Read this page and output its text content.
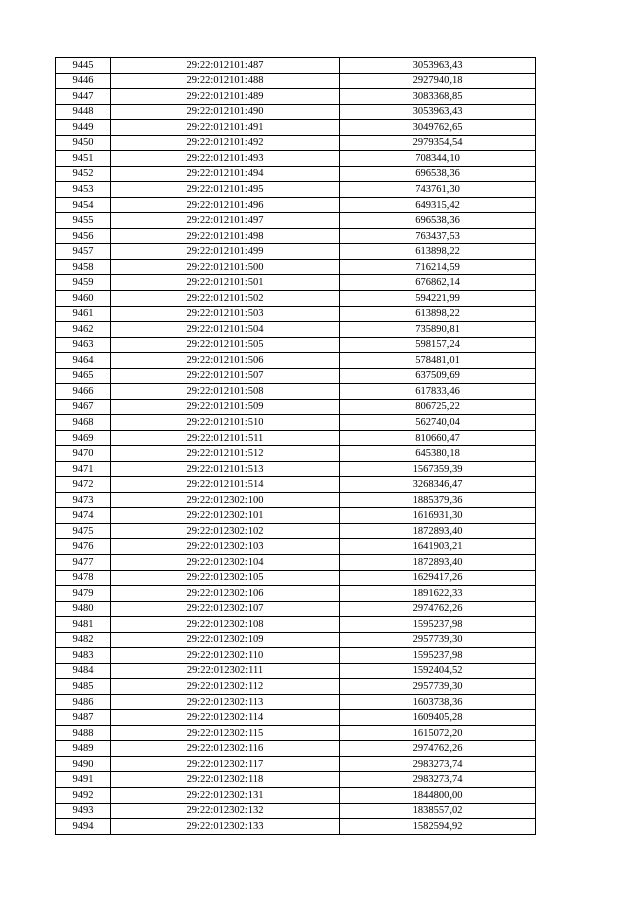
9445	29:22:012101:487	3053963,43
9446	29:22:012101:488	2927940,18
9447	29:22:012101:489	3083368,85
9448	29:22:012101:490	3053963,43
9449	29:22:012101:491	3049762,65
9450	29:22:012101:492	2979354,54
9451	29:22:012101:493	708344,10
9452	29:22:012101:494	696538,36
9453	29:22:012101:495	743761,30
9454	29:22:012101:496	649315,42
9455	29:22:012101:497	696538,36
9456	29:22:012101:498	763437,53
9457	29:22:012101:499	613898,22
9458	29:22:012101:500	716214,59
9459	29:22:012101:501	676862,14
9460	29:22:012101:502	594221,99
9461	29:22:012101:503	613898,22
9462	29:22:012101:504	735890,81
9463	29:22:012101:505	598157,24
9464	29:22:012101:506	578481,01
9465	29:22:012101:507	637509,69
9466	29:22:012101:508	617833,46
9467	29:22:012101:509	806725,22
9468	29:22:012101:510	562740,04
9469	29:22:012101:511	810660,47
9470	29:22:012101:512	645380,18
9471	29:22:012101:513	1567359,39
9472	29:22:012101:514	3268346,47
9473	29:22:012302:100	1885379,36
9474	29:22:012302:101	1616931,30
9475	29:22:012302:102	1872893,40
9476	29:22:012302:103	1641903,21
9477	29:22:012302:104	1872893,40
9478	29:22:012302:105	1629417,26
9479	29:22:012302:106	1891622,33
9480	29:22:012302:107	2974762,26
9481	29:22:012302:108	1595237,98
9482	29:22:012302:109	2957739,30
9483	29:22:012302:110	1595237,98
9484	29:22:012302:111	1592404,52
9485	29:22:012302:112	2957739,30
9486	29:22:012302:113	1603738,36
9487	29:22:012302:114	1609405,28
9488	29:22:012302:115	1615072,20
9489	29:22:012302:116	2974762,26
9490	29:22:012302:117	2983273,74
9491	29:22:012302:118	2983273,74
9492	29:22:012302:131	1844800,00
9493	29:22:012302:132	1838557,02
9494	29:22:012302:133	1582594,92
